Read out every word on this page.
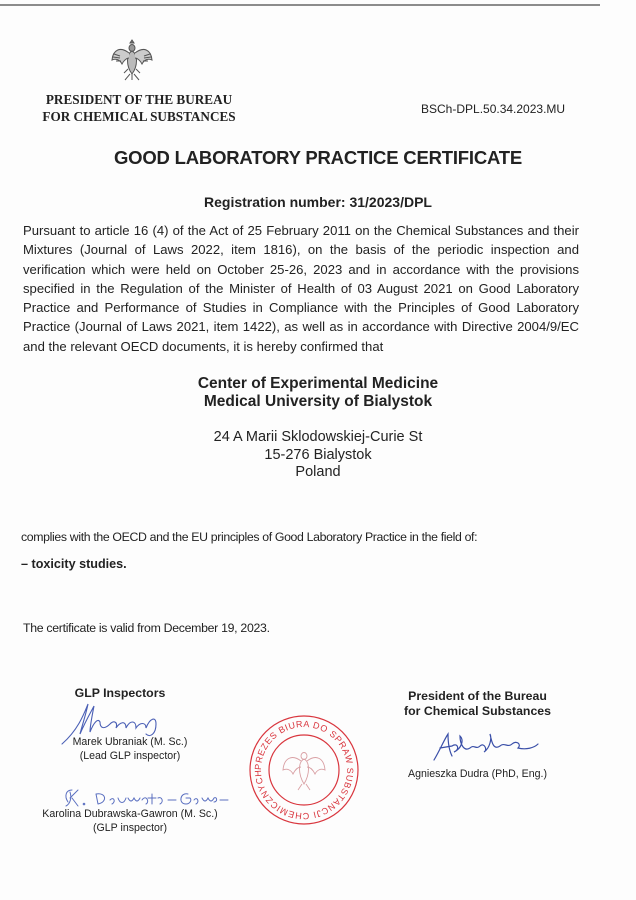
PRESIDENT OF THE BUREAU
FOR CHEMICAL SUBSTANCES	BSCh-DPL.50.34.2023.MU
GOOD LABORATORY PRACTICE CERTIFICATE
Registration number: 31/2023/DPL
Pursuant to article 16 (4) of the Act of 25 February 2011 on the Chemical Substances and their Mixtures (Journal of Laws 2022, item 1816), on the basis of the periodic inspection and verification which were held on October 25-26, 2023 and in accordance with the provisions specified in the Regulation of the Minister of Health of 03 August 2021 on Good Laboratory Practice and Performance of Studies in Compliance with the Principles of Good Laboratory Practice (Journal of Laws 2021, item 1422), as well as in accordance with Directive 2004/9/EC and the relevant OECD documents, it is hereby confirmed that
Center of Experimental Medicine
Medical University of Bialystok
24 A Marii Sklodowskiej-Curie St
15-276 Bialystok
Poland
complies with the OECD and the EU principles of Good Laboratory Practice in the field of:
– toxicity studies.
The certificate is valid from December 19, 2023.
GLP Inspectors
Marek Ubraniak (M. Sc.)
(Lead GLP inspector)
Karolina Dubrawska-Gawron (M. Sc.)
(GLP inspector)
PREZES BIURA DO SPRAW SUBSTANCJI CHEMICZNYCH
President of the Bureau
for Chemical Substances
Agnieszka Dudra (PhD, Eng.)
